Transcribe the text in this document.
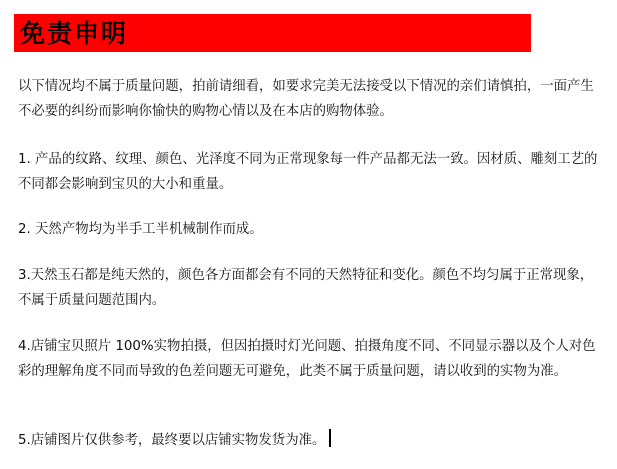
免责申明

以下情况均不属于质量问题，拍前请细看，如要求完美无法接受以下情况的亲们请慎拍，一面产生不必要的纠纷而影响你愉快的购物心情以及在本店的购物体验。

1. 产品的纹路、纹理、颜色、光泽度不同为正常现象每一件产品都无法一致。因材质、雕刻工艺的不同都会影响到宝贝的大小和重量。

2. 天然产物均为半手工半机械制作而成。

3.天然玉石都是纯天然的，颜色各方面都会有不同的天然特征和变化。颜色不均匀属于正常现象，不属于质量问题范围内。

4.店铺宝贝照片 100%实物拍摄，但因拍摄时灯光问题、拍摄角度不同、不同显示器以及个人对色彩的理解角度不同而导致的色差问题无可避免，此类不属于质量问题，请以收到的实物为准。

5.店铺图片仅供参考，最终要以店铺实物发货为准。
